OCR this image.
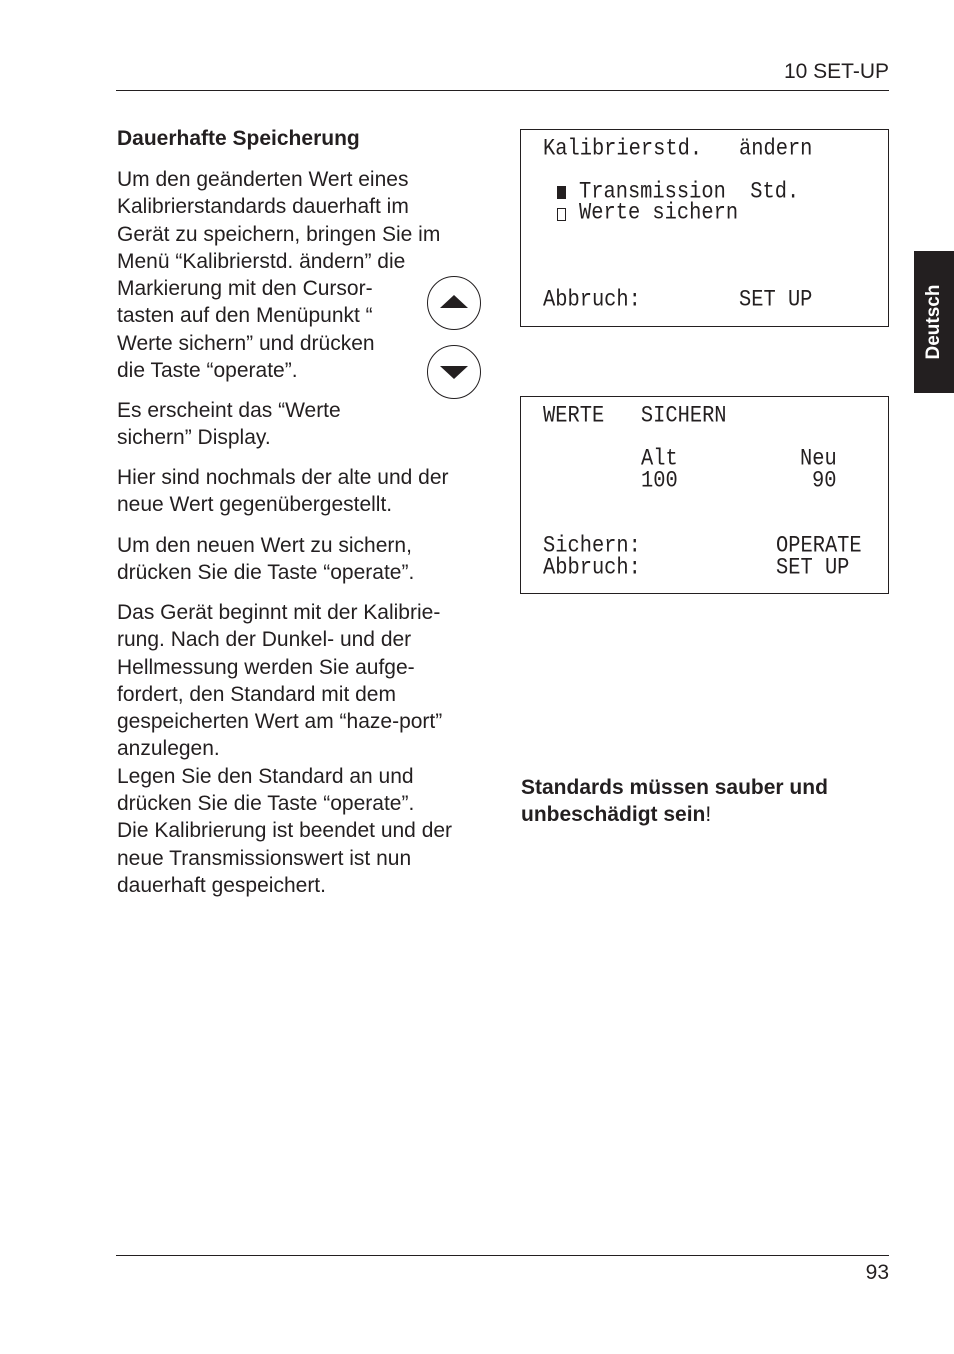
10 SET-UP
Deutsch
Dauerhafte Speicherung
Um den geänderten Wert eines
Kalibrierstandards dauerhaft im
Gerät zu speichern, bringen Sie im
Menü “Kalibrierstd. ändern” die
Markierung mit den Cursor-
tasten auf den Menüpunkt “
Werte sichern” und drücken
die Taste “operate”.
Es erscheint das “Werte
sichern” Display.
Hier sind nochmals der alte und der
neue Wert gegenübergestellt.
Um den neuen Wert zu sichern,
drücken Sie die Taste “operate”.
Das Gerät beginnt mit der Kalibrie-
rung. Nach der Dunkel- und der
Hellmessung werden Sie aufge-
fordert, den Standard mit dem
gespeicherten Wert am “haze-port”
anzulegen.
Legen Sie den Standard an und
drücken Sie die Taste “operate”.
Die Kalibrierung ist beendet und der
neue Transmissionswert ist nun
dauerhaft gespeichert.
Kalibrierstd. ändern
Transmission  Std.
Werte sichern
Abbruch:	SET UP
WERTE   SICHERN
Alt	Neu
100	90
Sichern:	OPERATE
Abbruch:	SET UP
Standards müssen sauber und
unbeschädigt sein!
93
